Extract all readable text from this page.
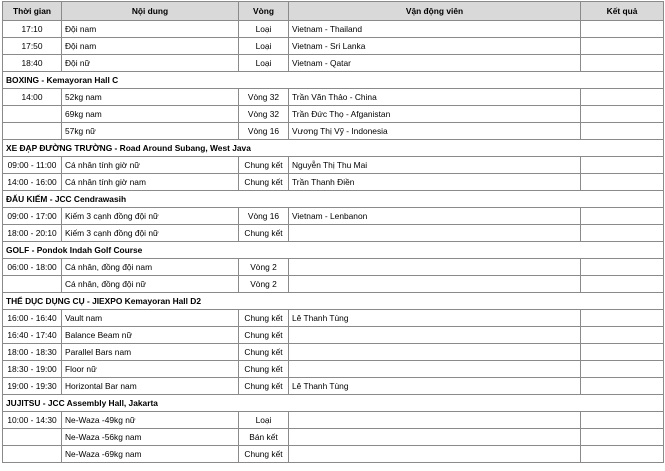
Thời gian	Nội dung	Vòng	Vận động viên	Kết quả
17:10	Đội nam	Loại	Vietnam - Thailand	
17:50	Đội nam	Loại	Vietnam - Sri Lanka	
18:40	Đội nữ	Loại	Vietnam - Qatar	
BOXING - Kemayoran Hall C				
14:00	52kg nam	Vòng 32	Trần Văn Thảo - China	
	69kg nam	Vòng 32	Trần Đức Thọ - Afganistan	
	57kg nữ	Vòng 16	Vương Thị Vỹ - Indonesia	
XE ĐẠP ĐƯỜNG TRƯỜNG - Road Around Subang, West Java				
09:00 - 11:00	Cá nhân tính giờ nữ	Chung kết	Nguyễn Thị Thu Mai	
14:00 - 16:00	Cá nhân tính giờ nam	Chung kết	Trần Thanh Điền	
ĐẤU KIẾM - JCC Cendrawasih				
09:00 - 17:00	Kiếm 3 cạnh đồng đội nữ	Vòng 16	Vietnam - Lenbanon	
18:00 - 20:10	Kiếm 3 cạnh đồng đội nữ	Chung kết		
GOLF - Pondok Indah Golf Course				
06:00 - 18:00	Cá nhân, đồng đội nam	Vòng 2		
	Cá nhân, đồng đội nữ	Vòng 2		
THỂ DỤC DỤNG CỤ - JIEXPO Kemayoran Hall D2				
16:00 - 16:40	Vault nam	Chung kết	Lê Thanh Tùng	
16:40 - 17:40	Balance Beam nữ	Chung kết		
18:00 - 18:30	Parallel Bars nam	Chung kết		
18:30 - 19:00	Floor nữ	Chung kết		
19:00 - 19:30	Horizontal Bar nam	Chung kết	Lê Thanh Tùng	
JUJITSU - JCC Assembly Hall, Jakarta				
10:00 - 14:30	Ne-Waza -49kg nữ	Loại		
	Ne-Waza -56kg nam	Bán kết		
	Ne-Waza -69kg nam	Chung kết		
